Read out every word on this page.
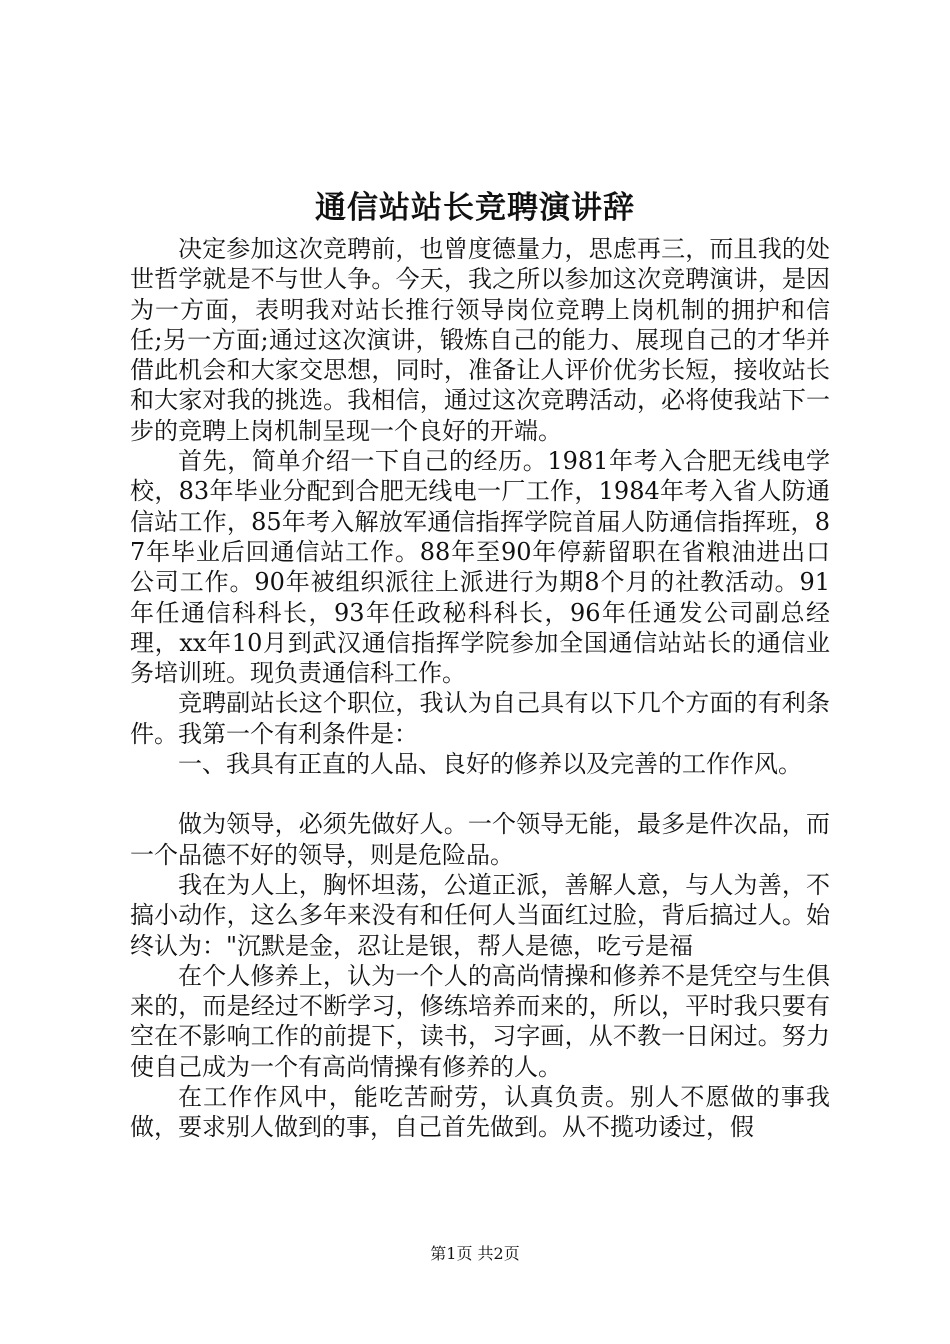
通信站站长竞聘演讲辞

决定参加这次竞聘前，也曾度德量力，思虑再三，而且我的处世哲学就是不与世人争。今天，我之所以参加这次竞聘演讲，是因为一方面，表明我对站长推行领导岗位竞聘上岗机制的拥护和信任;另一方面;通过这次演讲，锻炼自己的能力、展现自己的才华并借此机会和大家交思想，同时，准备让人评价优劣长短，接收站长和大家对我的挑选。我相信，通过这次竞聘活动，必将使我站下一步的竞聘上岗机制呈现一个良好的开端。

首先，简单介绍一下自己的经历。1981年考入合肥无线电学校，83年毕业分配到合肥无线电一厂工作，1984年考入省人防通信站工作，85年考入解放军通信指挥学院首届人防通信指挥班，87年毕业后回通信站工作。88年至90年停薪留职在省粮油进出口公司工作。90年被组织派往上派进行为期8个月的社教活动。91年任通信科科长，93年任政秘科科长，96年任通发公司副总经理，xx年10月到武汉通信指挥学院参加全国通信站站长的通信业务培训班。现负责通信科工作。

竞聘副站长这个职位，我认为自己具有以下几个方面的有利条件。我第一个有利条件是：

一、我具有正直的人品、良好的修养以及完善的工作作风。

做为领导，必须先做好人。一个领导无能，最多是件次品，而一个品德不好的领导，则是危险品。

我在为人上，胸怀坦荡，公道正派，善解人意，与人为善，不搞小动作，这么多年来没有和任何人当面红过脸，背后搞过人。始终认为："沉默是金，忍让是银，帮人是德，吃亏是福

在个人修养上，认为一个人的高尚情操和修养不是凭空与生俱来的，而是经过不断学习，修练培养而来的，所以，平时我只要有空在不影响工作的前提下，读书，习字画，从不教一日闲过。努力使自己成为一个有高尚情操有修养的人。

在工作作风中，能吃苦耐劳，认真负责。别人不愿做的事我做，要求别人做到的事，自己首先做到。从不揽功诿过，假

第1页 共2页
